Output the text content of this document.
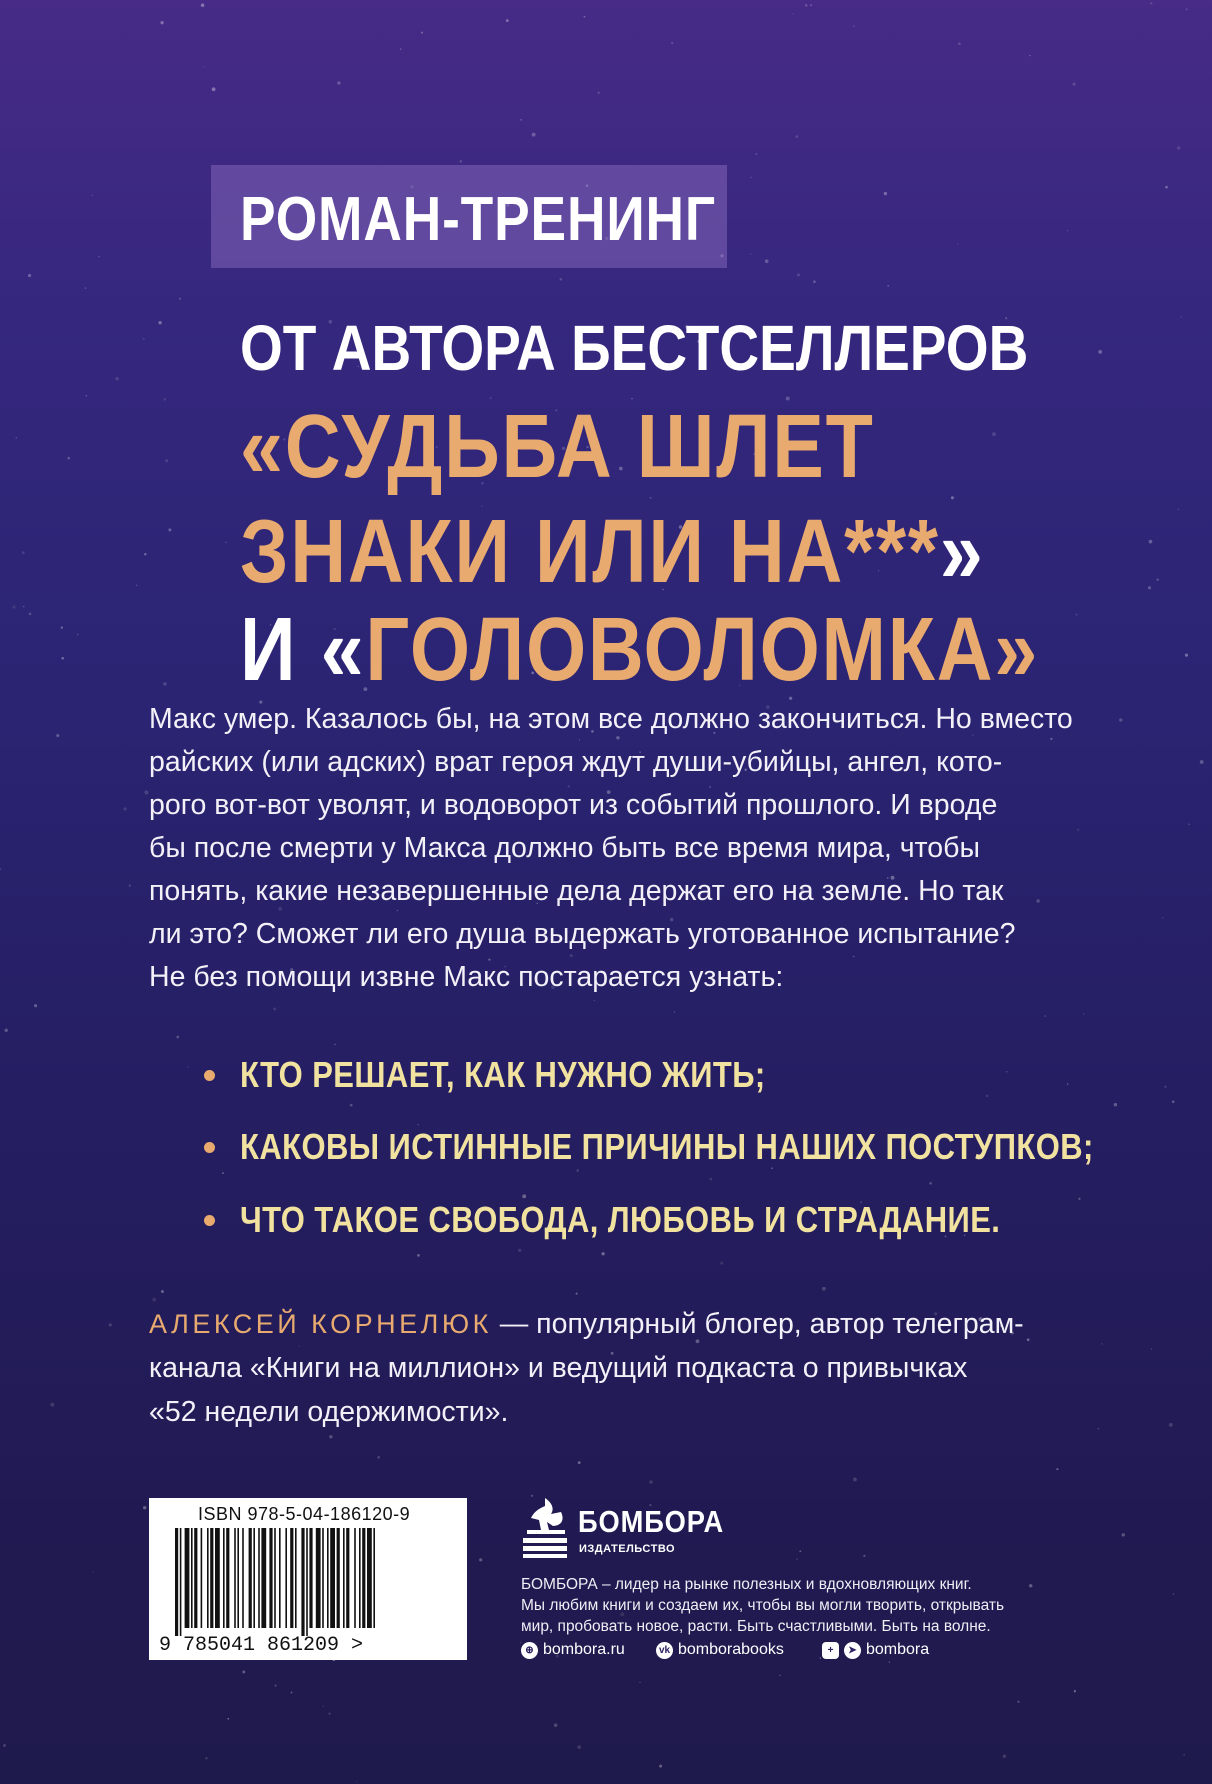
РОМАН-ТРЕНИНГ
ОТ АВТОРА БЕСТСЕЛЛЕРОВ
«СУДЬБА ШЛЕТ
ЗНАКИ ИЛИ НА***»
И «ГОЛОВОЛОМКА»
Макс умер. Казалось бы, на этом все должно закончиться. Но вместо
райских (или адских) врат героя ждут души-убийцы, ангел, кото-
рого вот-вот уволят, и водоворот из событий прошлого. И вроде
бы после смерти у Макса должно быть все время мира, чтобы
понять, какие незавершенные дела держат его на земле. Но так
ли это? Сможет ли его душа выдержать уготованное испытание?
Не без помощи извне Макс постарается узнать:
КТО РЕШАЕТ, КАК НУЖНО ЖИТЬ;
КАКОВЫ ИСТИННЫЕ ПРИЧИНЫ НАШИХ ПОСТУПКОВ;
ЧТО ТАКОЕ СВОБОДА, ЛЮБОВЬ И СТРАДАНИЕ.
АЛЕКСЕЙ КОРНЕЛЮК — популярный блогер, автор телеграм-
канала «Книги на миллион» и ведущий подкаста о привычках
«52 недели одержимости».
ISBN 978-5-04-186120-9
9 785041 861209 >
БОМБОРА
ИЗДАТЕЛЬСТВО
БОМБОРА – лидер на рынке полезных и вдохновляющих книг.
Мы любим книги и создаем их, чтобы вы могли творить, открывать
мир, пробовать новое, расти. Быть счастливыми. Быть на волне.
⊕ bombora.ru	vk bomborabooks	+	➤ bombora
